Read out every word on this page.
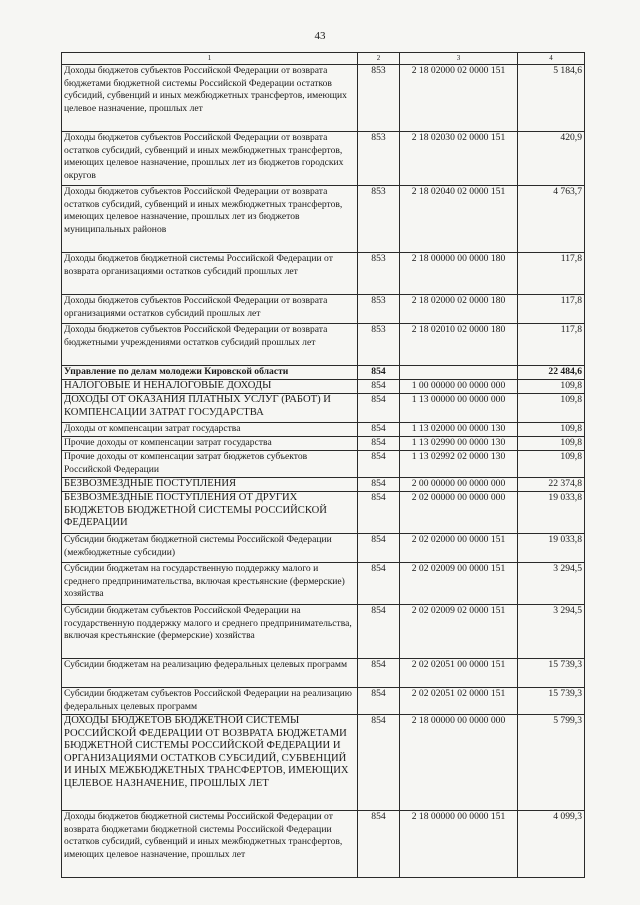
43
1	2	3	4
Доходы бюджетов субъектов Российской Федерации от возврата бюджетами бюджетной системы Российской Федерации остатков субсидий, субвенций и иных межбюджетных трансфертов, имеющих целевое назначение, прошлых лет	853	2 18 02000 02 0000 151	5 184,6
Доходы бюджетов субъектов Российской Федерации от возврата остатков субсидий, субвенций и иных межбюджетных трансфертов, имеющих целевое назначение, прошлых лет из бюджетов городских округов	853	2 18 02030 02 0000 151	420,9
Доходы бюджетов субъектов Российской Федерации от возврата остатков субсидий, субвенций и иных межбюджетных трансфертов, имеющих целевое назначение, прошлых лет из бюджетов муниципальных районов	853	2 18 02040 02 0000 151	4 763,7
Доходы бюджетов бюджетной системы Российской Федерации от возврата организациями остатков субсидий прошлых лет	853	2 18 00000 00 0000 180	117,8
Доходы бюджетов субъектов Российской Федерации от возврата организациями остатков субсидий прошлых лет	853	2 18 02000 02 0000 180	117,8
Доходы бюджетов субъектов Российской Федерации от возврата бюджетными учреждениями остатков субсидий прошлых лет	853	2 18 02010 02 0000 180	117,8
Управление по делам молодежи Кировской области	854		22 484,6
НАЛОГОВЫЕ И НЕНАЛОГОВЫЕ ДОХОДЫ	854	1 00 00000 00 0000 000	109,8
ДОХОДЫ ОТ ОКАЗАНИЯ ПЛАТНЫХ УСЛУГ (РАБОТ) И КОМПЕНСАЦИИ ЗАТРАТ ГОСУДАРСТВА	854	1 13 00000 00 0000 000	109,8
Доходы от компенсации затрат государства	854	1 13 02000 00 0000 130	109,8
Прочие доходы от компенсации затрат государства	854	1 13 02990 00 0000 130	109,8
Прочие доходы от компенсации затрат бюджетов субъектов Российской Федерации	854	1 13 02992 02 0000 130	109,8
БЕЗВОЗМЕЗДНЫЕ ПОСТУПЛЕНИЯ	854	2 00 00000 00 0000 000	22 374,8
БЕЗВОЗМЕЗДНЫЕ ПОСТУПЛЕНИЯ ОТ ДРУГИХ БЮДЖЕТОВ БЮДЖЕТНОЙ СИСТЕМЫ РОССИЙСКОЙ ФЕДЕРАЦИИ	854	2 02 00000 00 0000 000	19 033,8
Субсидии бюджетам бюджетной системы Российской Федерации (межбюджетные субсидии)	854	2 02 02000 00 0000 151	19 033,8
Субсидии бюджетам на государственную поддержку малого и среднего предпринимательства, включая крестьянские (фермерские) хозяйства	854	2 02 02009 00 0000 151	3 294,5
Субсидии бюджетам субъектов Российской Федерации на государственную поддержку малого и среднего предпринимательства, включая крестьянские (фермерские) хозяйства	854	2 02 02009 02 0000 151	3 294,5
Субсидии бюджетам на реализацию федеральных целевых программ	854	2 02 02051 00 0000 151	15 739,3
Субсидии бюджетам субъектов Российской Федерации на реализацию федеральных целевых программ	854	2 02 02051 02 0000 151	15 739,3
ДОХОДЫ БЮДЖЕТОВ БЮДЖЕТНОЙ СИСТЕМЫ РОССИЙСКОЙ ФЕДЕРАЦИИ ОТ ВОЗВРАТА БЮДЖЕТАМИ БЮДЖЕТНОЙ СИСТЕМЫ РОССИЙСКОЙ ФЕДЕРАЦИИ И ОРГАНИЗАЦИЯМИ ОСТАТКОВ СУБСИДИЙ, СУБВЕНЦИЙ И ИНЫХ МЕЖБЮДЖЕТНЫХ ТРАНСФЕРТОВ, ИМЕЮЩИХ ЦЕЛЕВОЕ НАЗНАЧЕНИЕ, ПРОШЛЫХ ЛЕТ	854	2 18 00000 00 0000 000	5 799,3
Доходы бюджетов бюджетной системы Российской Федерации от возврата бюджетами бюджетной системы Российской Федерации остатков субсидий, субвенций и иных межбюджетных трансфертов, имеющих целевое назначение, прошлых лет	854	2 18 00000 00 0000 151	4 099,3
